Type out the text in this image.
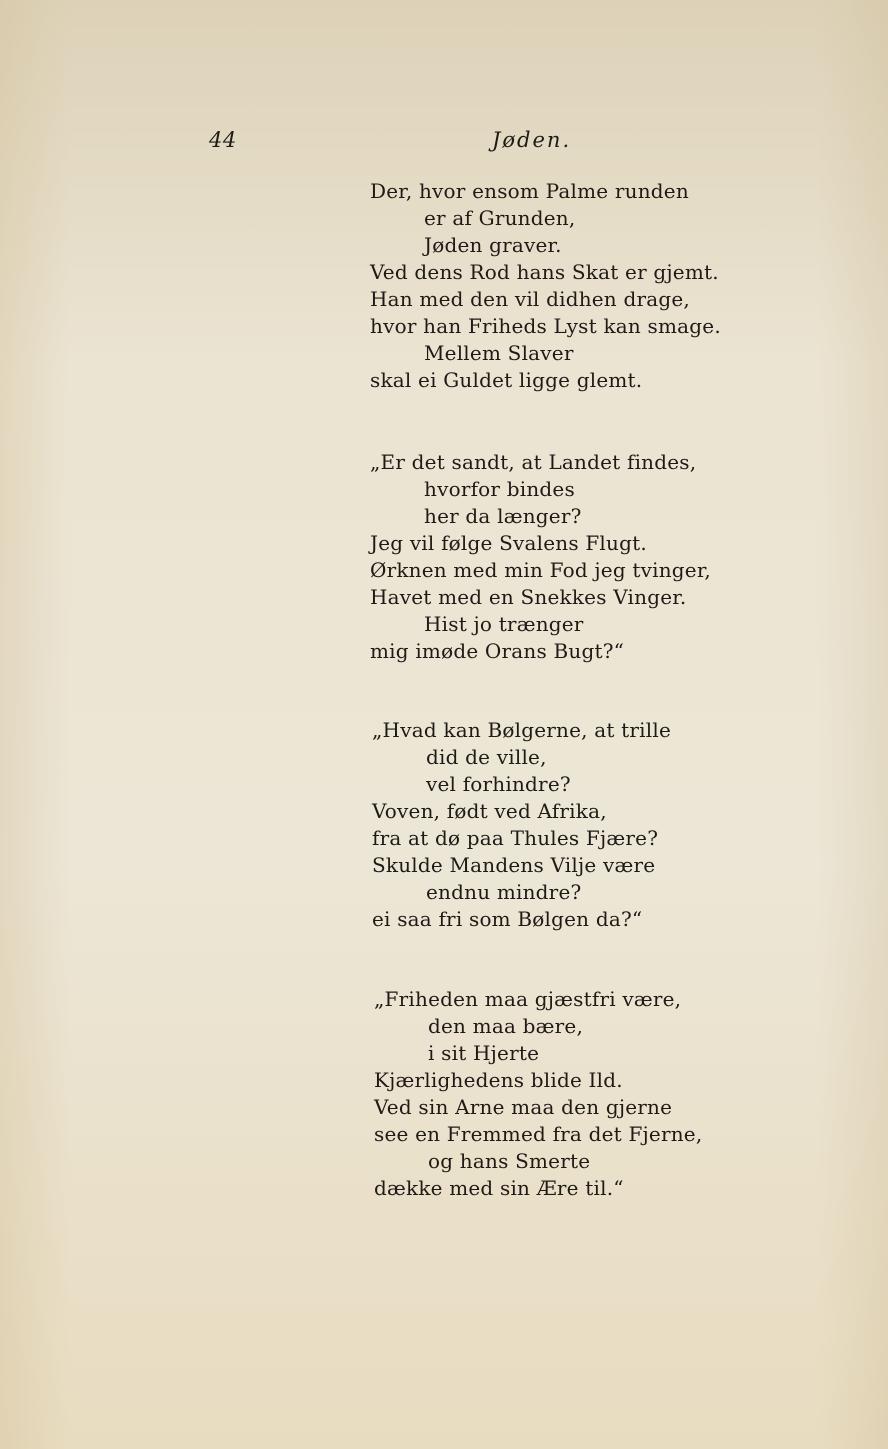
44	Jøden.
Der, hvor ensom Palme runden
er af Grunden,
Jøden graver.
Ved dens Rod hans Skat er gjemt.
Han med den vil didhen drage,
hvor han Friheds Lyst kan smage.
Mellem Slaver
skal ei Guldet ligge glemt.
„Er det sandt, at Landet findes,
hvorfor bindes
her da længer?
Jeg vil følge Svalens Flugt.
Ørknen med min Fod jeg tvinger,
Havet med en Snekkes Vinger.
Hist jo trænger
mig imøde Orans Bugt?“
„Hvad kan Bølgerne, at trille
did de ville,
vel forhindre?
Voven, født ved Afrika,
fra at dø paa Thules Fjære?
Skulde Mandens Vilje være
endnu mindre?
ei saa fri som Bølgen da?“
„Friheden maa gjæstfri være,
den maa bære,
i sit Hjerte
Kjærlighedens blide Ild.
Ved sin Arne maa den gjerne
see en Fremmed fra det Fjerne,
og hans Smerte
dække med sin Ære til.“
